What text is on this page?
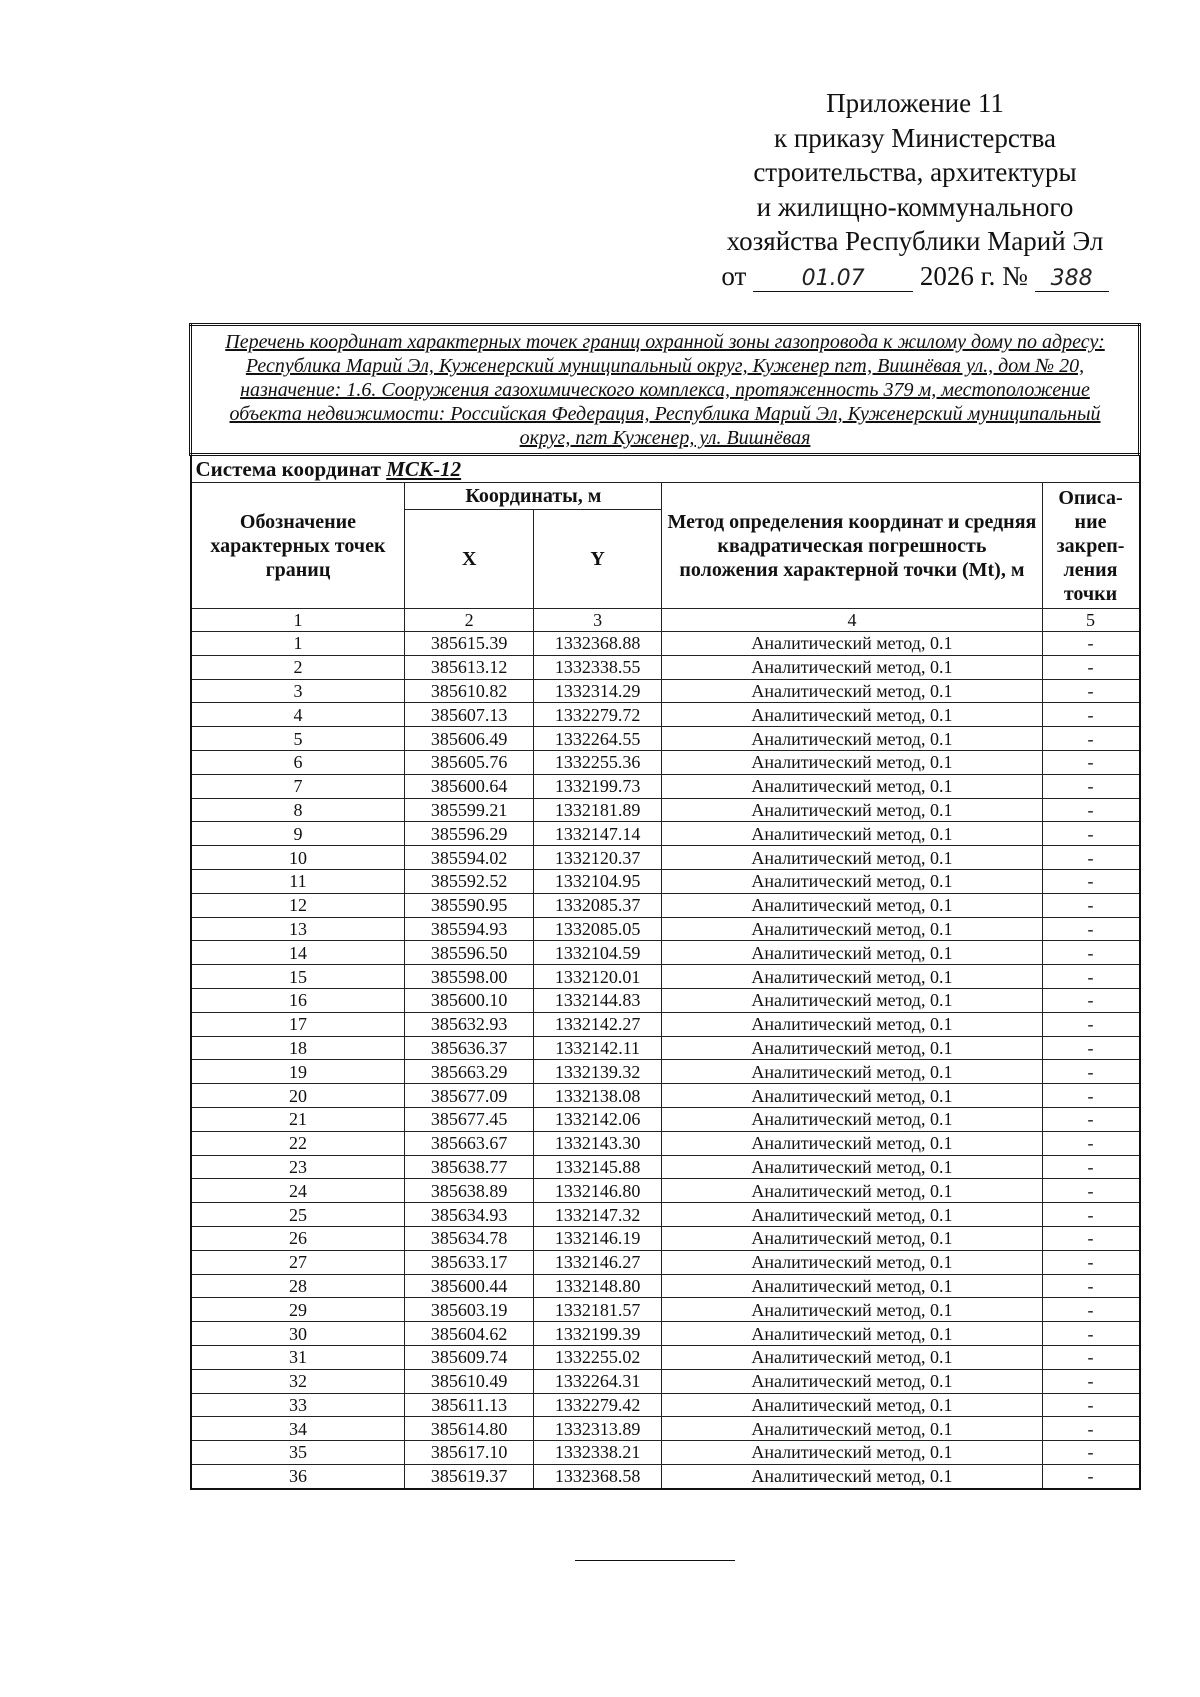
Приложение 11
к приказу Министерства
строительства, архитектуры
и жилищно-коммунального
хозяйства Республики Марий Эл
от	01.07 2026 г. № 388
Перечень координат характерных точек границ охранной зоны газопровода к жилому дому по адресу: Республика Марий Эл, Куженерский муниципальный округ, Куженер пгт, Вишнёвая ул., дом № 20, назначение: 1.6. Сооружения газохимического комплекса, протяженность 379 м, местоположение объекта недвижимости: Российская Федерация, Республика Марий Эл, Куженерский муниципальный округ, пгт Куженер, ул. Вишнёвая				
Система координат МСК-12				
Обозначение характерных точек границ	Координаты, м		Метод определения координат и средняя квадратическая погрешность положения характерной точки (Mt), м	Описа-ние закреп-ления точки
	X	Y		
1	2	3	4	5
1	385615.39	1332368.88	Аналитический метод, 0.1	-
2	385613.12	1332338.55	Аналитический метод, 0.1	-
3	385610.82	1332314.29	Аналитический метод, 0.1	-
4	385607.13	1332279.72	Аналитический метод, 0.1	-
5	385606.49	1332264.55	Аналитический метод, 0.1	-
6	385605.76	1332255.36	Аналитический метод, 0.1	-
7	385600.64	1332199.73	Аналитический метод, 0.1	-
8	385599.21	1332181.89	Аналитический метод, 0.1	-
9	385596.29	1332147.14	Аналитический метод, 0.1	-
10	385594.02	1332120.37	Аналитический метод, 0.1	-
11	385592.52	1332104.95	Аналитический метод, 0.1	-
12	385590.95	1332085.37	Аналитический метод, 0.1	-
13	385594.93	1332085.05	Аналитический метод, 0.1	-
14	385596.50	1332104.59	Аналитический метод, 0.1	-
15	385598.00	1332120.01	Аналитический метод, 0.1	-
16	385600.10	1332144.83	Аналитический метод, 0.1	-
17	385632.93	1332142.27	Аналитический метод, 0.1	-
18	385636.37	1332142.11	Аналитический метод, 0.1	-
19	385663.29	1332139.32	Аналитический метод, 0.1	-
20	385677.09	1332138.08	Аналитический метод, 0.1	-
21	385677.45	1332142.06	Аналитический метод, 0.1	-
22	385663.67	1332143.30	Аналитический метод, 0.1	-
23	385638.77	1332145.88	Аналитический метод, 0.1	-
24	385638.89	1332146.80	Аналитический метод, 0.1	-
25	385634.93	1332147.32	Аналитический метод, 0.1	-
26	385634.78	1332146.19	Аналитический метод, 0.1	-
27	385633.17	1332146.27	Аналитический метод, 0.1	-
28	385600.44	1332148.80	Аналитический метод, 0.1	-
29	385603.19	1332181.57	Аналитический метод, 0.1	-
30	385604.62	1332199.39	Аналитический метод, 0.1	-
31	385609.74	1332255.02	Аналитический метод, 0.1	-
32	385610.49	1332264.31	Аналитический метод, 0.1	-
33	385611.13	1332279.42	Аналитический метод, 0.1	-
34	385614.80	1332313.89	Аналитический метод, 0.1	-
35	385617.10	1332338.21	Аналитический метод, 0.1	-
36	385619.37	1332368.58	Аналитический метод, 0.1	-
